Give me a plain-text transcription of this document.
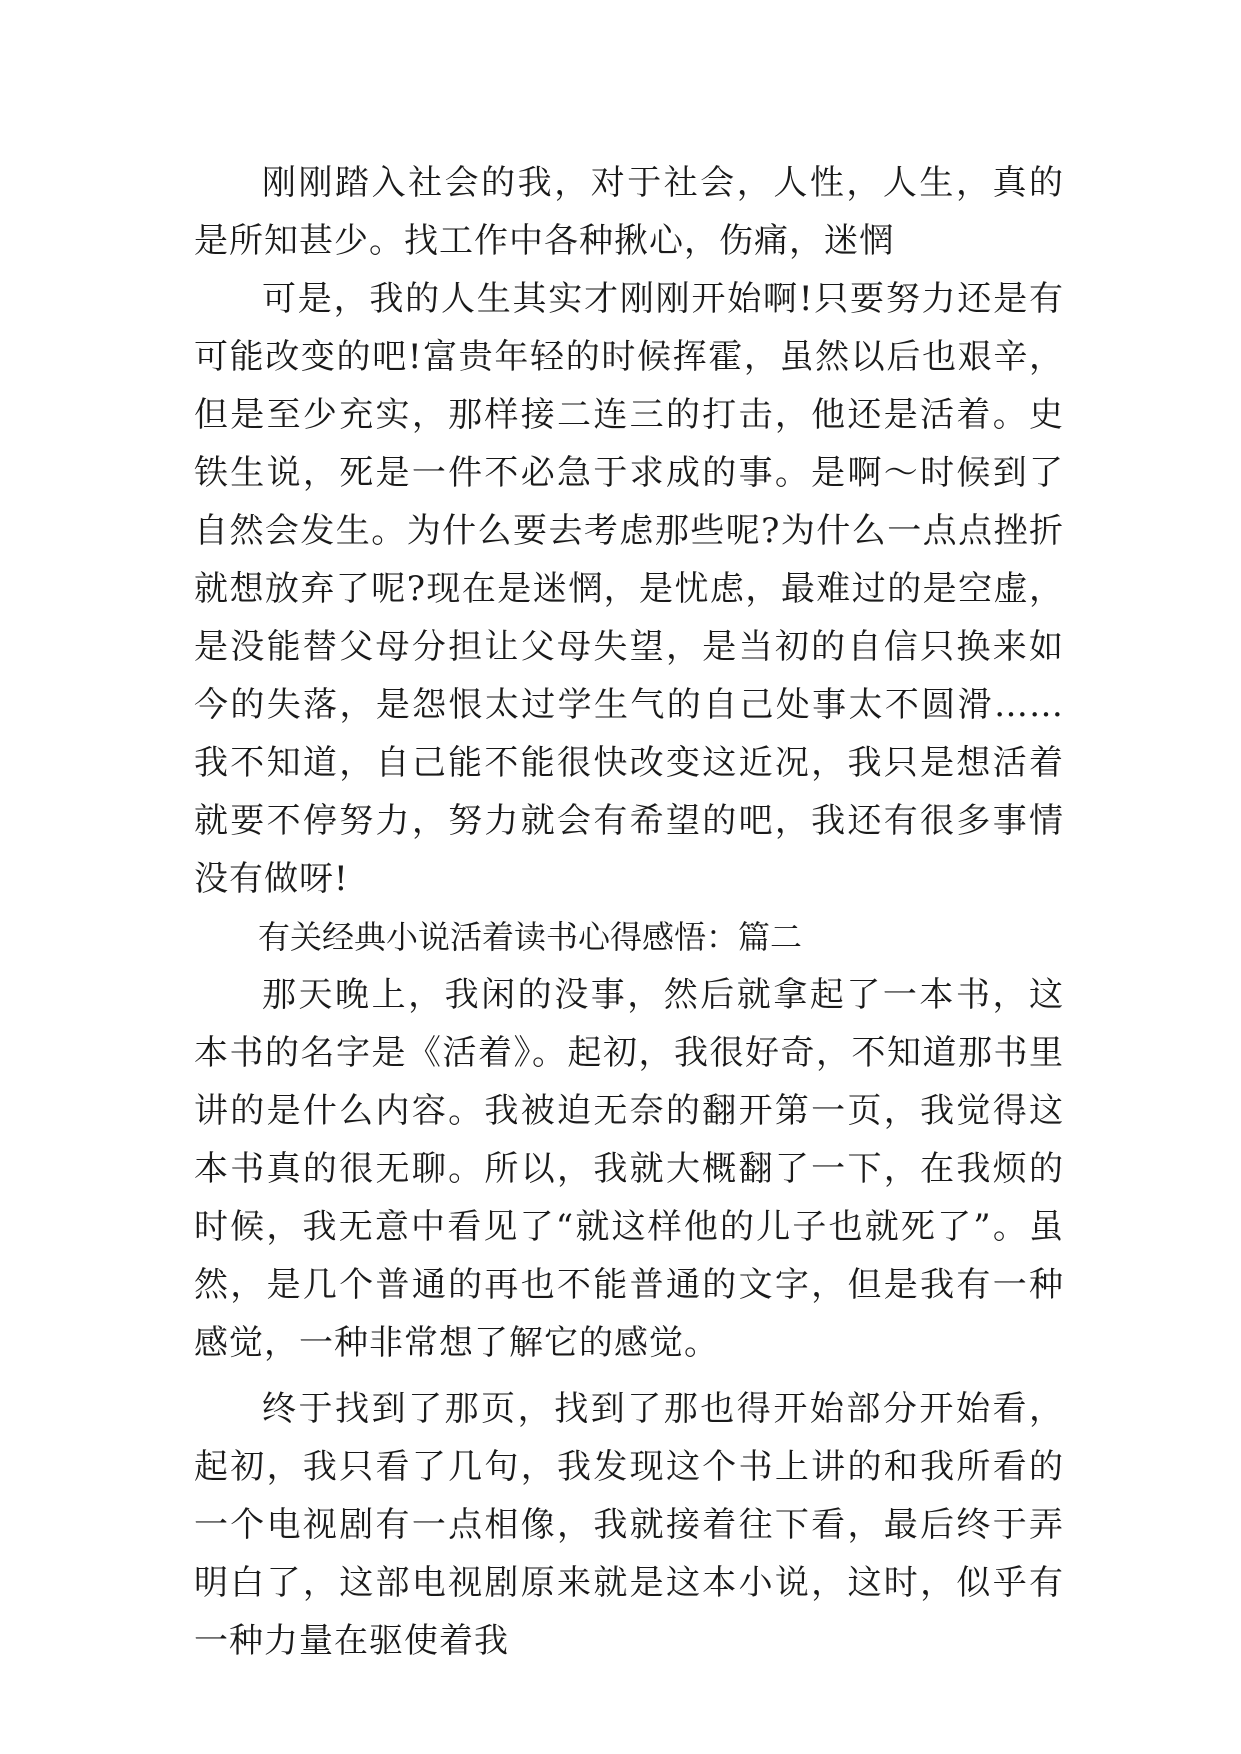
刚刚踏入社会的我，对于社会，人性，人生，真的是所知甚少。找工作中各种揪心，伤痛，迷惘

可是，我的人生其实才刚刚开始啊!只要努力还是有可能改变的吧!富贵年轻的时候挥霍，虽然以后也艰辛，但是至少充实，那样接二连三的打击，他还是活着。史铁生说，死是一件不必急于求成的事。是啊～时候到了自然会发生。为什么要去考虑那些呢?为什么一点点挫折就想放弃了呢?现在是迷惘，是忧虑，最难过的是空虚，是没能替父母分担让父母失望，是当初的自信只换来如今的失落，是怨恨太过学生气的自己处事太不圆滑……我不知道，自己能不能很快改变这近况，我只是想活着就要不停努力，努力就会有希望的吧，我还有很多事情没有做呀!

有关经典小说活着读书心得感悟：篇二

那天晚上，我闲的没事，然后就拿起了一本书，这本书的名字是《活着》。起初，我很好奇，不知道那书里讲的是什么内容。我被迫无奈的翻开第一页，我觉得这本书真的很无聊。所以，我就大概翻了一下，在我烦的时候，我无意中看见了“就这样他的儿子也就死了”。虽然，是几个普通的再也不能普通的文字，但是我有一种感觉，一种非常想了解它的感觉。

终于找到了那页，找到了那也得开始部分开始看，起初，我只看了几句，我发现这个书上讲的和我所看的一个电视剧有一点相像，我就接着往下看，最后终于弄明白了，这部电视剧原来就是这本小说，这时，似乎有一种力量在驱使着我
